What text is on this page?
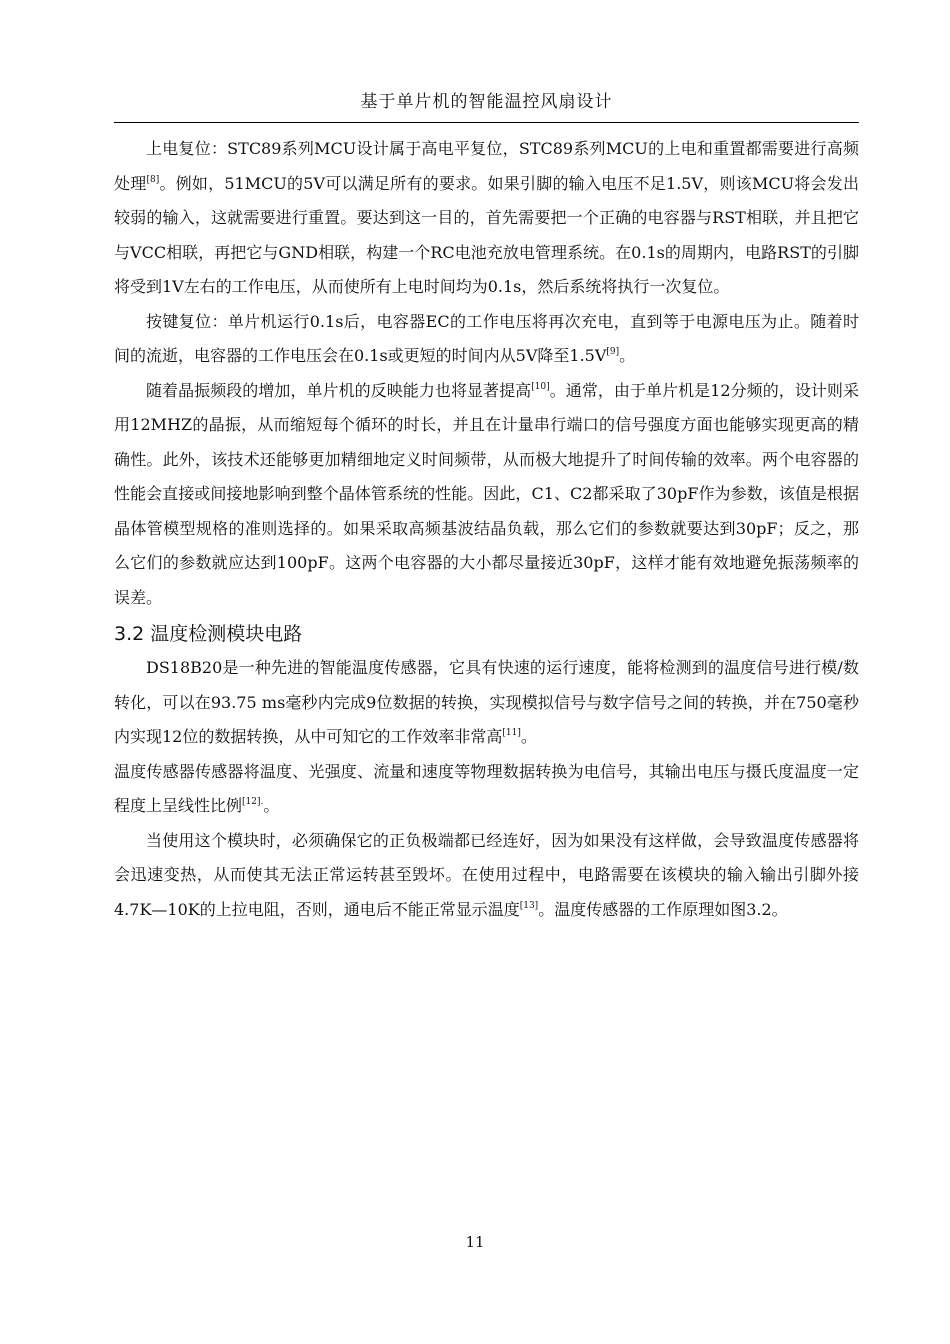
基于单片机的智能温控风扇设计

上电复位：STC89系列MCU设计属于高电平复位，STC89系列MCU的上电和重置都需要进行高频处理[8]。例如，51MCU的5V可以满足所有的要求。如果引脚的输入电压不足1.5V，则该MCU将会发出较弱的输入，这就需要进行重置。要达到这一目的，首先需要把一个正确的电容器与RST相联，并且把它与VCC相联，再把它与GND相联，构建一个RC电池充放电管理系统。在0.1s的周期内，电路RST的引脚将受到1V左右的工作电压，从而使所有上电时间均为0.1s，然后系统将执行一次复位。

按键复位：单片机运行0.1s后，电容器EC的工作电压将再次充电，直到等于电源电压为止。随着时间的流逝，电容器的工作电压会在0.1s或更短的时间内从5V降至1.5V[9]。

随着晶振频段的增加，单片机的反映能力也将显著提高[10]。通常，由于单片机是12分频的，设计则采用12MHZ的晶振，从而缩短每个循环的时长，并且在计量串行端口的信号强度方面也能够实现更高的精确性。此外，该技术还能够更加精细地定义时间频带，从而极大地提升了时间传输的效率。两个电容器的性能会直接或间接地影响到整个晶体管系统的性能。因此，C1、C2都采取了30pF作为参数，该值是根据晶体管模型规格的准则选择的。如果采取高频基波结晶负载，那么它们的参数就要达到30pF；反之，那么它们的参数就应达到100pF。这两个电容器的大小都尽量接近30pF，这样才能有效地避免振荡频率的误差。

3.2 温度检测模块电路

DS18B20是一种先进的智能温度传感器，它具有快速的运行速度，能将检测到的温度信号进行模/数转化，可以在93.75 ms毫秒内完成9位数据的转换，实现模拟信号与数字信号之间的转换，并在750毫秒内实现12位的数据转换，从中可知它的工作效率非常高[11]。

温度传感器传感器将温度、光强度、流量和速度等物理数据转换为电信号，其输出电压与摄氏度温度一定程度上呈线性比例$^{[12].}$。

当使用这个模块时，必须确保它的正负极端都已经连好，因为如果没有这样做，会导致温度传感器将会迅速变热，从而使其无法正常运转甚至毁坏。在使用过程中，电路需要在该模块的输入输出引脚外接4.7K—10K的上拉电阻，否则，通电后不能正常显示温度[13]。温度传感器的工作原理如图3.2。

11
